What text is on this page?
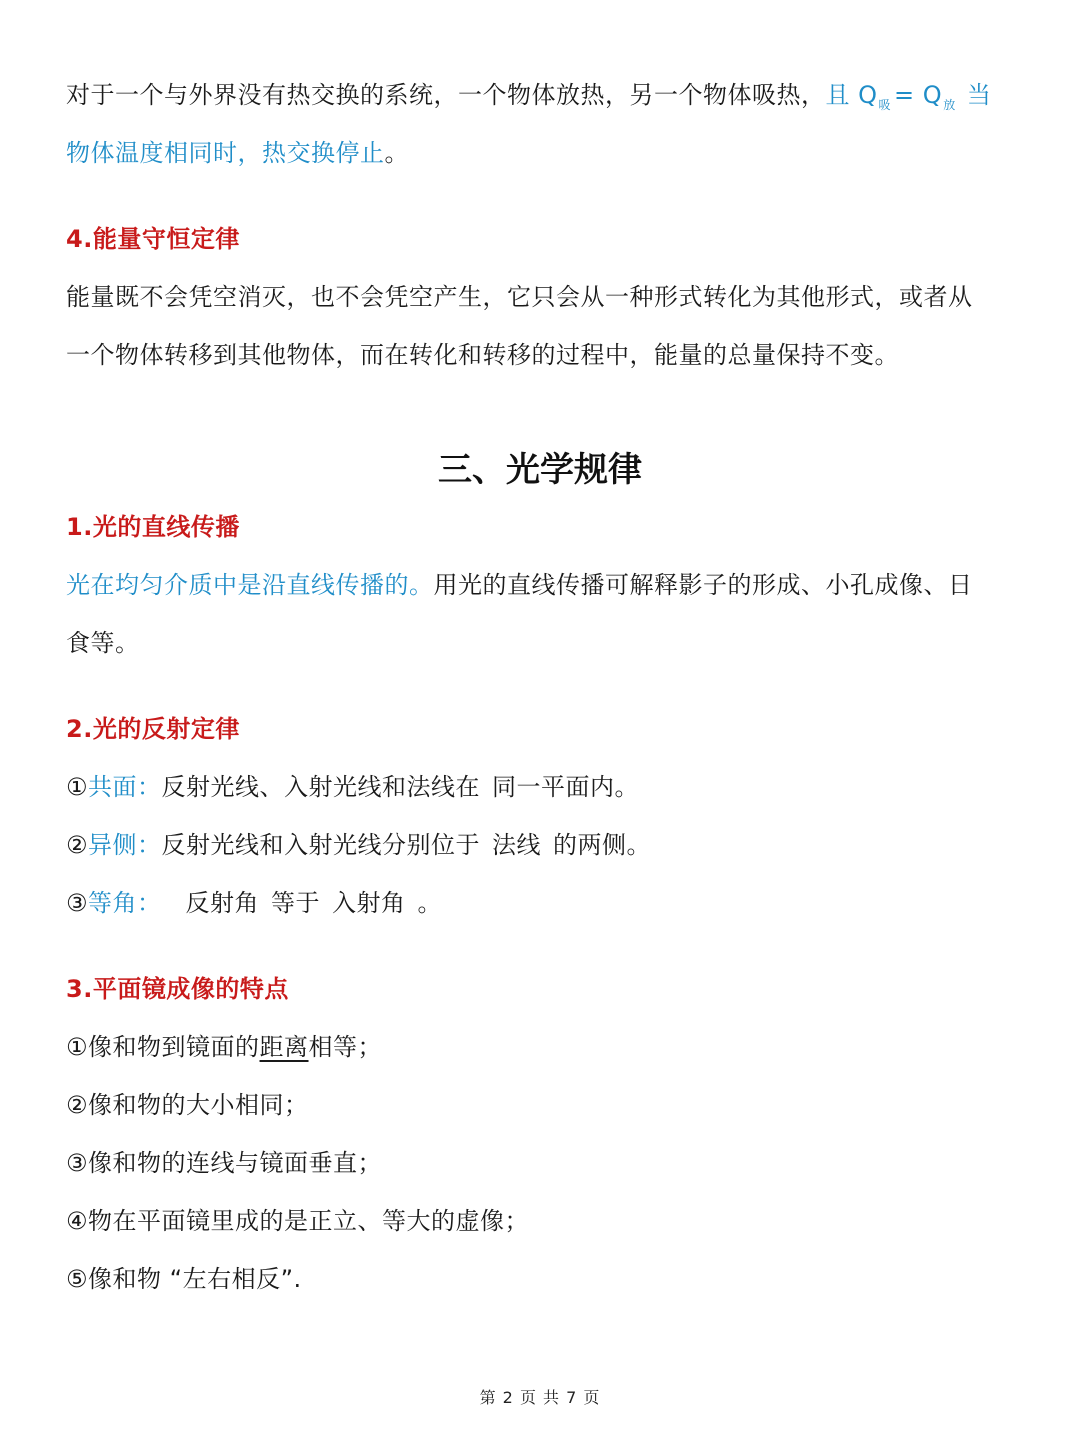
对于一个与外界没有热交换的系统，一个物体放热，另一个物体吸热，且 $Q_吸 = Q_放$ 当
物体温度相同时，热交换停止。
4.能量守恒定律
能量既不会凭空消灭，也不会凭空产生，它只会从一种形式转化为其他形式，或者从
一个物体转移到其他物体，而在转化和转移的过程中，能量的总量保持不变。
三、光学规律
1.光的直线传播
光在均匀介质中是沿直线传播的。用光的直线传播可解释影子的形成、小孔成像、日
食等。
2.光的反射定律
①共面：反射光线、入射光线和法线在 同一平面内。
②异侧：反射光线和入射光线分别位于 法线 的两侧。
③等角： 反射角 等于 入射角 。
3.平面镜成像的特点
①像和物到镜面的距离相等；
②像和物的大小相同；
③像和物的连线与镜面垂直；
④物在平面镜里成的是正立、等大的虚像；
⑤像和物 “左右相反”.
第 2 页 共 7 页
